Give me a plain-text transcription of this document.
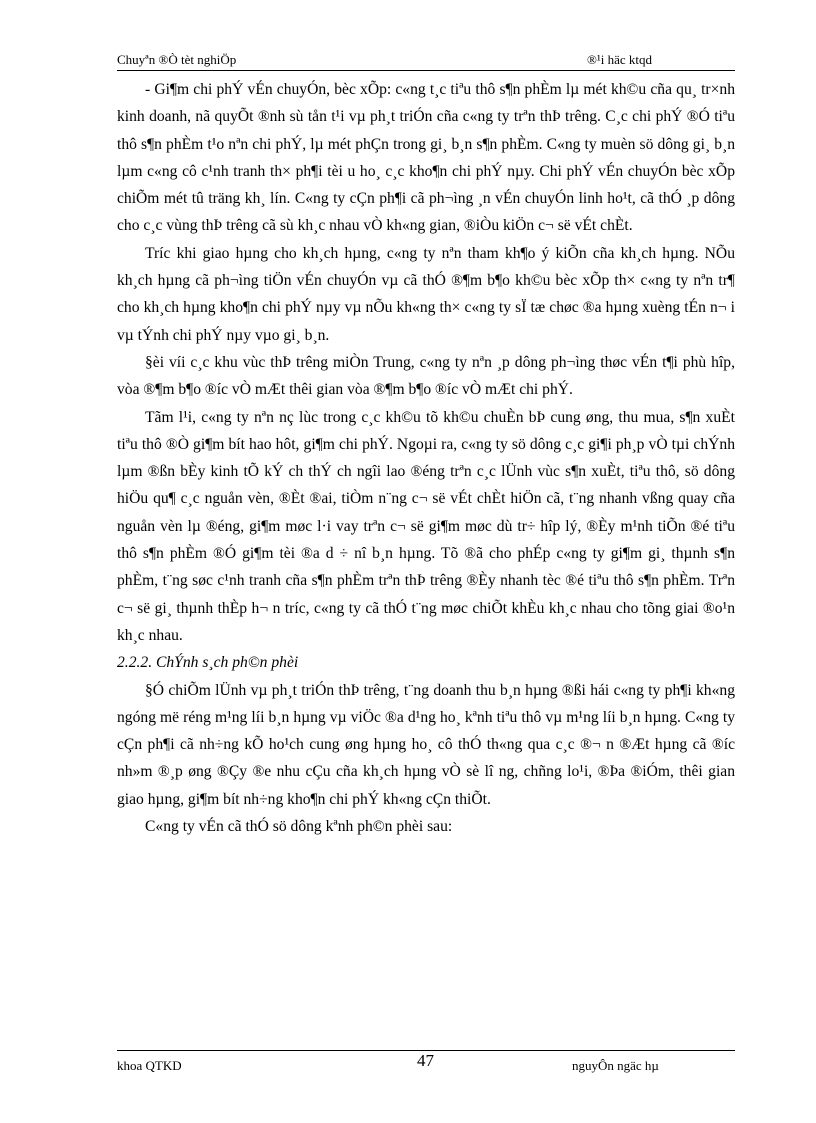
Chuyªn ®Ò tèt nghiÖp	®¹i häc ktqd

- Gi¶m chi phÝ vÉn chuyÓn, bèc xÕp: c«ng t¸c tiªu thô s¶n phÈm lµ mét kh©u cña qu¸ tr×nh kinh doanh, nã quyÕt ®nh sù tån t¹i vµ ph¸t triÓn cña c«ng ty trªn thÞ trêng. C¸c chi phÝ ®Ó tiªu thô s¶n phÈm t¹o nªn chi phÝ, lµ mét phÇn trong gi¸ b¸n s¶n phÈm. C«ng ty muèn sö dông gi¸ b¸n lµm c«ng cô c¹nh tranh th× ph¶i tèi u ho¸ c¸c kho¶n chi phÝ nµy. Chi phÝ vÉn chuyÓn bèc xÕp chiÕm mét tû träng kh¸ lín. C«ng ty cÇn ph¶i cã ph¬ìng ¸n vÉn chuyÓn linh ho¹t, cã thÓ ¸p dông cho c¸c vùng thÞ trêng cã sù kh¸c nhau vÒ kh«ng gian, ®iÒu kiÖn c¬ së vÉt chÈt.

Tríc khi giao hµng cho kh¸ch hµng, c«ng ty nªn tham kh¶o ý kiÕn cña kh¸ch hµng. NÕu kh¸ch hµng cã ph¬ìng tiÖn vÉn chuyÓn vµ cã thÓ ®¶m b¶o kh©u bèc xÕp th× c«ng ty nªn tr¶ cho kh¸ch hµng kho¶n chi phÝ nµy vµ nÕu kh«ng th× c«ng ty sÏ tæ chøc ®a hµng xuèng tÉn n¬ i vµ tÝnh chi phÝ nµy vµo gi¸ b¸n.

§èi víi c¸c khu vùc thÞ trêng miÒn Trung, c«ng ty nªn ¸p dông ph¬ìng thøc vÉn t¶i phù hîp, vòa ®¶m b¶o ®íc vÒ mÆt thêi gian vòa ®¶m b¶o ®íc vÒ mÆt chi phÝ.

Tãm l¹i, c«ng ty nªn nç lùc trong c¸c kh©u tõ kh©u chuÈn bÞ cung øng, thu mua, s¶n xuÈt tiªu thô ®Ò gi¶m bít hao hôt, gi¶m chi phÝ. Ngoµi ra, c«ng ty sö dông c¸c gi¶i ph¸p vÒ tµi chÝnh lµm ®ßn bÈy kinh tÕ kÝ ch thÝ ch ngîi lao ®éng trªn c¸c lÜnh vùc s¶n xuÈt, tiªu thô, sö dông hiÖu qu¶ c¸c nguån vèn, ®Èt ®ai, tiÒm n¨ng c¬ së vÉt chÈt hiÖn cã, t¨ng nhanh vßng quay cña nguån vèn lµ ®éng, gi¶m møc l·i vay trªn c¬ së gi¶m møc dù tr÷ hîp lý, ®Èy m¹nh tiÕn ®é tiªu thô s¶n phÈm ®Ó gi¶m tèi ®a d ÷ nî b¸n hµng. Tõ ®ã cho phÉp c«ng ty gi¶m gi¸ thµnh s¶n phÈm, t¨ng søc c¹nh tranh cña s¶n phÈm trªn thÞ trêng ®Èy nhanh tèc ®é tiªu thô s¶n phÈm. Trªn c¬ së gi¸ thµnh thÈp h¬ n tríc, c«ng ty cã thÓ t¨ng møc chiÕt khÈu kh¸c nhau cho tõng giai ®o¹n kh¸c nhau.

2.2.2. ChÝnh s¸ch ph©n phèi

§Ó chiÕm lÜnh vµ ph¸t triÓn thÞ trêng, t¨ng doanh thu b¸n hµng ®ßi hái c«ng ty ph¶i kh«ng ngóng më réng m¹ng líi b¸n hµng vµ viÖc ®a d¹ng ho¸ kªnh tiªu thô vµ m¹ng líi b¸n hµng. C«ng ty cÇn ph¶i cã nh÷ng kÕ ho¹ch cung øng hµng ho¸ cô thÓ th«ng qua c¸c ®¬ n ®Æt hµng cã ®íc nh»m ®¸p øng ®Çy ®e nhu cÇu cña kh¸ch hµng vÒ sè lî ng, chñng lo¹i, ®Þa ®iÓm, thêi gian giao hµng, gi¶m bít nh÷ng kho¶n chi phÝ kh«ng cÇn thiÕt.

C«ng ty vÉn cã thÓ sö dông kªnh ph©n phèi sau:

khoa QTKD	47	nguyÔn ngäc hµ
